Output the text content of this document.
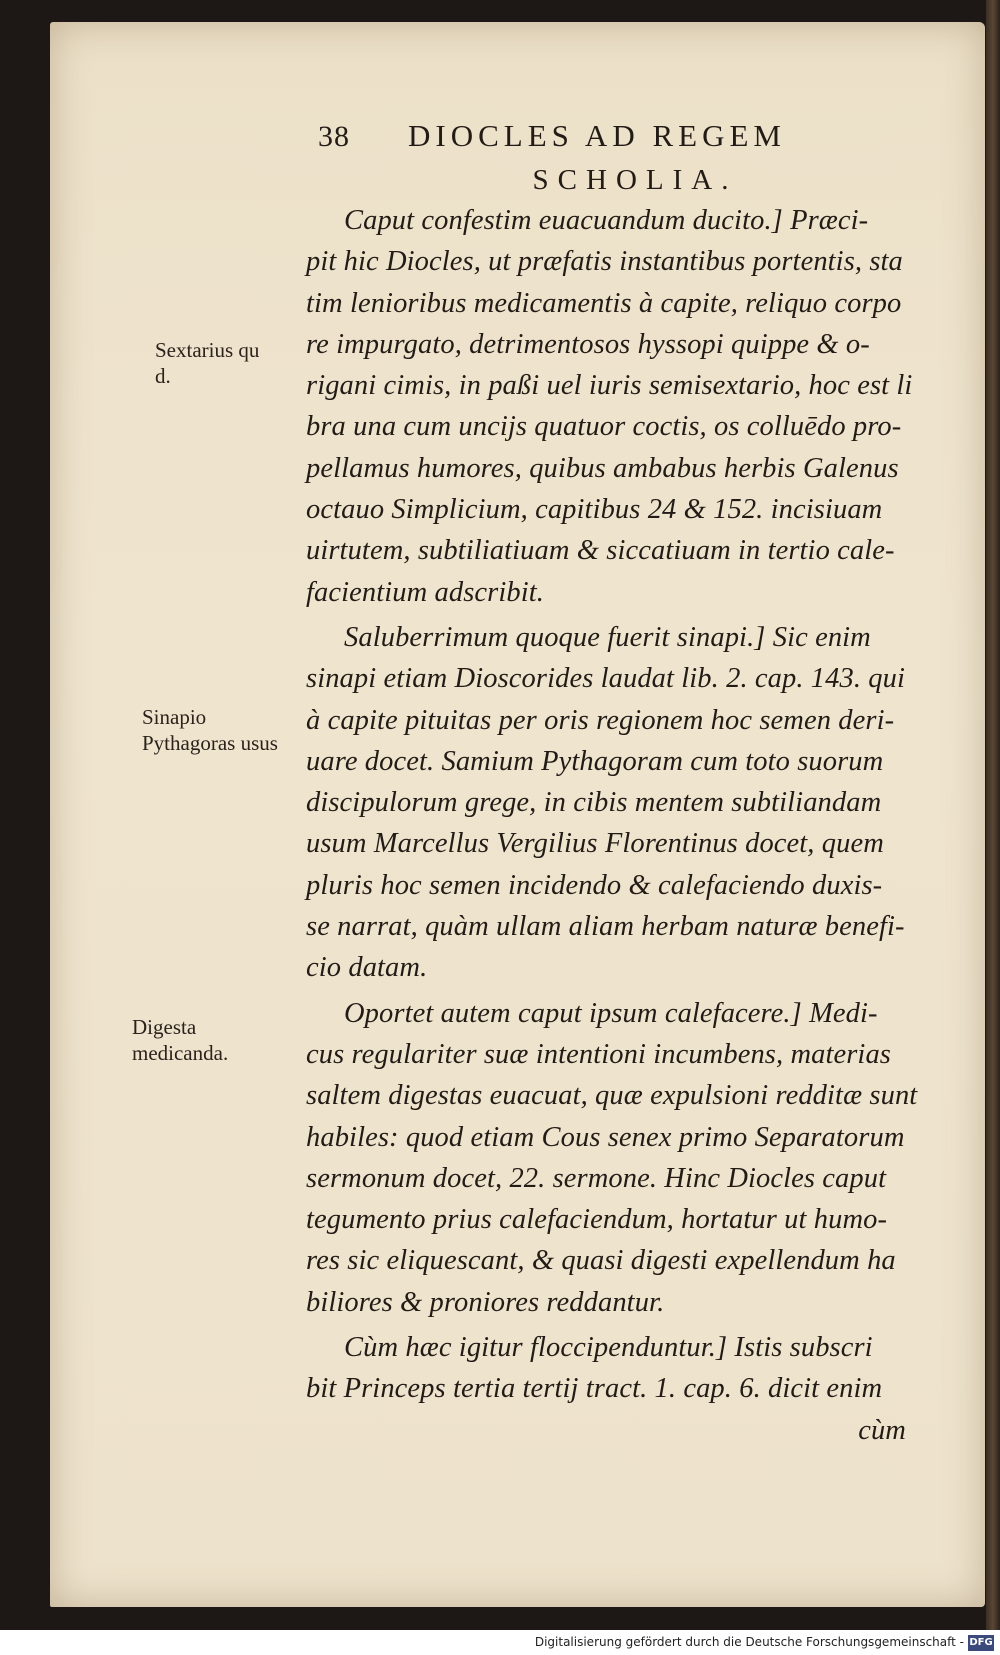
38 DIOCLES AD REGEM
SCHOLIA.
Sextarius qu d.
Sinapio Pythagoras usus
Digesta medicanda.
Caput confestim euacuandum ducito.] Præci-
pit hic Diocles, ut præfatis instantibus portentis, sta
tim lenioribus medicamentis à capite, reliquo corpo
re impurgato, detrimentosos hyssopi quippe & o-
rigani cimis, in paßi uel iuris semisextario, hoc est li
bra una cum uncijs quatuor coctis, os colluēdo pro-
pellamus humores, quibus ambabus herbis Galenus
octauo Simplicium, capitibus 24 & 152. incisiuam
uirtutem, subtiliatiuam & siccatiuam in tertio cale-
facientium adscribit.
Saluberrimum quoque fuerit sinapi.] Sic enim
sinapi etiam Dioscorides laudat lib. 2. cap. 143. qui
à capite pituitas per oris regionem hoc semen deri-
uare docet. Samium Pythagoram cum toto suorum
discipulorum grege, in cibis mentem subtiliandam
usum Marcellus Vergilius Florentinus docet, quem
pluris hoc semen incidendo & calefaciendo duxis-
se narrat, quàm ullam aliam herbam naturæ benefi-
cio datam.
Oportet autem caput ipsum calefacere.] Medi-
cus regulariter suæ intentioni incumbens, materias
saltem digestas euacuat, quæ expulsioni redditæ sunt
habiles: quod etiam Cous senex primo Separatorum
sermonum docet, 22. sermone. Hinc Diocles caput
tegumento prius calefaciendum, hortatur ut humo-
res sic eliquescant, & quasi digesti expellendum ha
biliores & proniores reddantur.
Cùm hæc igitur floccipenduntur.] Istis subscri
bit Princeps tertia tertij tract. 1. cap. 6. dicit enim
cùm
Digitalisierung gefördert durch die Deutsche Forschungsgemeinschaft - DFG
